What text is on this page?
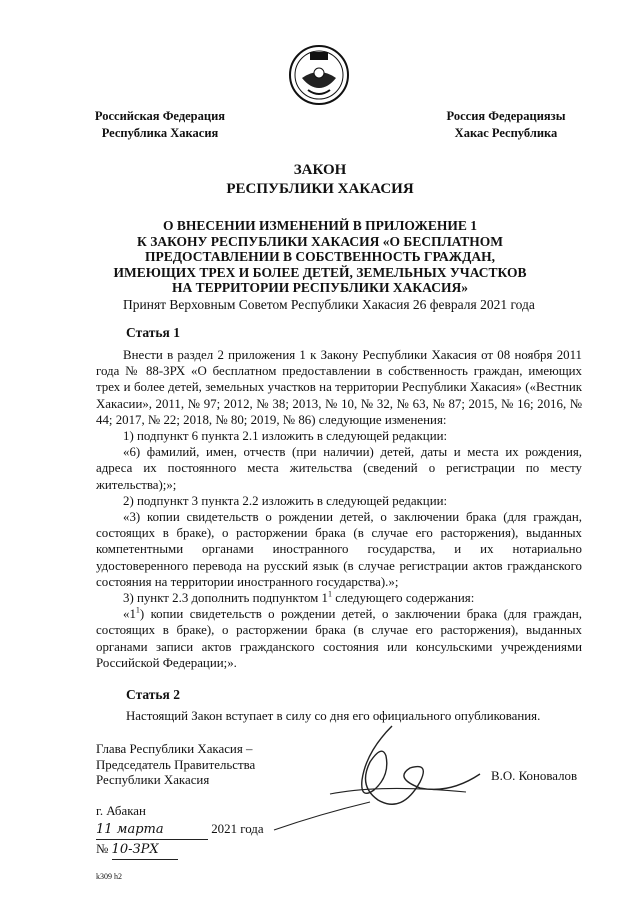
Российская Федерация
Республика Хакасия
Россия Федерациязы
Хакас Республика
ЗАКОН
РЕСПУБЛИКИ ХАКАСИЯ
О ВНЕСЕНИИ ИЗМЕНЕНИЙ В ПРИЛОЖЕНИЕ 1
К ЗАКОНУ РЕСПУБЛИКИ ХАКАСИЯ «О БЕСПЛАТНОМ
ПРЕДОСТАВЛЕНИИ В СОБСТВЕННОСТЬ ГРАЖДАН,
ИМЕЮЩИХ ТРЕХ И БОЛЕЕ ДЕТЕЙ, ЗЕМЕЛЬНЫХ УЧАСТКОВ
НА ТЕРРИТОРИИ РЕСПУБЛИКИ ХАКАСИЯ»
Принят Верховным Советом Республики Хакасия 26 февраля 2021 года
Статья 1

Внести в раздел 2 приложения 1 к Закону Республики Хакасия от 08 ноября 2011 года № 88-ЗРХ «О бесплатном предоставлении в собственность граждан, имеющих трех и более детей, земельных участков на территории Республики Хакасия» («Вестник Хакасии», 2011, № 97; 2012, № 38; 2013, № 10, № 32, № 63, № 87; 2015, № 16; 2016, № 44; 2017, № 22; 2018, № 80; 2019, № 86) следующие изменения:

1) подпункт 6 пункта 2.1 изложить в следующей редакции:

«6) фамилий, имен, отчеств (при наличии) детей, даты и места их рождения, адреса их постоянного места жительства (сведений о регистрации по месту жительства);»;

2) подпункт 3 пункта 2.2 изложить в следующей редакции:

«3) копии свидетельств о рождении детей, о заключении брака (для граждан, состоящих в браке), о расторжении брака (в случае его расторжения), выданных компетентными органами иностранного государства, и их нотариально удостоверенного перевода на русский язык (в случае регистрации актов гражданского состояния на территории иностранного государства).»;

3) пункт 2.3 дополнить подпунктом $1^1$ следующего содержания:

«$1^1$) копии свидетельств о рождении детей, о заключении брака (для граждан, состоящих в браке), о расторжении брака (в случае его расторжения), выданных органами записи актов гражданского состояния или консульскими учреждениями Российской Федерации;».

Статья 2
Настоящий Закон вступает в силу со дня его официального опубликования.
Глава Республики Хакасия –
Председатель Правительства
Республики Хакасия	В.О. Коновалов
г. Абакан
11 марта	2021 года
№ 10-ЗРХ
k309 h2
